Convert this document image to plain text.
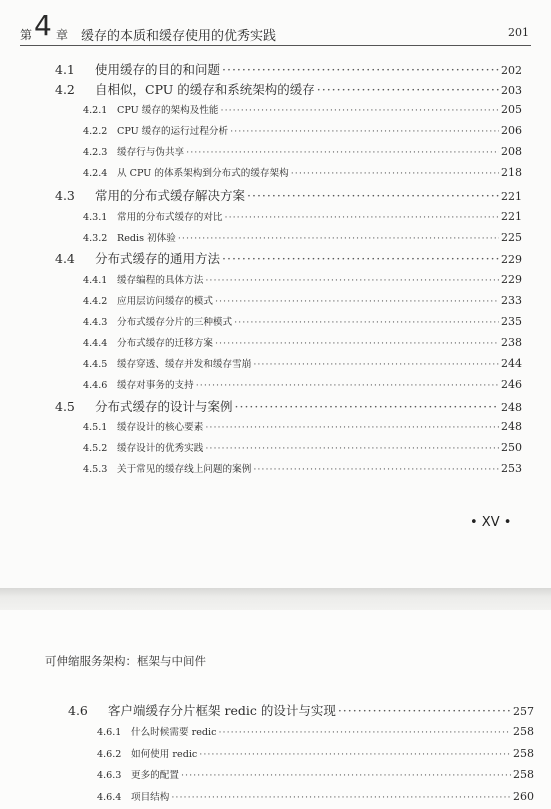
第 4 章 缓存的本质和缓存使用的优秀实践	201
4.1	使用缓存的目的和问题 ·····	202
4.2	自相似，CPU 的缓存和系统架构的缓存 ·····	203
4.2.1 CPU 缓存的架构及性能 ·····	205
4.2.2 CPU 缓存的运行过程分析 ·····	206
4.2.3 缓存行与伪共享 ·····	208
4.2.4 从 CPU 的体系架构到分布式的缓存架构 ·····	218
4.3	常用的分布式缓存解决方案 ·····	221
4.3.1 常用的分布式缓存的对比 ·····	221
4.3.2 Redis 初体验 ·····	225
4.4	分布式缓存的通用方法 ·····	229
4.4.1 缓存编程的具体方法 ·····	229
4.4.2 应用层访问缓存的模式 ·····	233
4.4.3 分布式缓存分片的三种模式 ·····	235
4.4.4 分布式缓存的迁移方案 ·····	238
4.4.5 缓存穿透、缓存并发和缓存雪崩 ·····	244
4.4.6 缓存对事务的支持 ·····	246
4.5	分布式缓存的设计与案例 ·····	248
4.5.1 缓存设计的核心要素 ·····	248
4.5.2 缓存设计的优秀实践 ·····	250
4.5.3 关于常见的缓存线上问题的案例 ·····	253
• XV •
可伸缩服务架构：框架与中间件
4.6	客户端缓存分片框架 redic 的设计与实现 ·····	257
4.6.1 什么时候需要 redic ·····	258
4.6.2 如何使用 redic ·····	258
4.6.3 更多的配置 ·····	258
4.6.4 项目结构 ·····	260
